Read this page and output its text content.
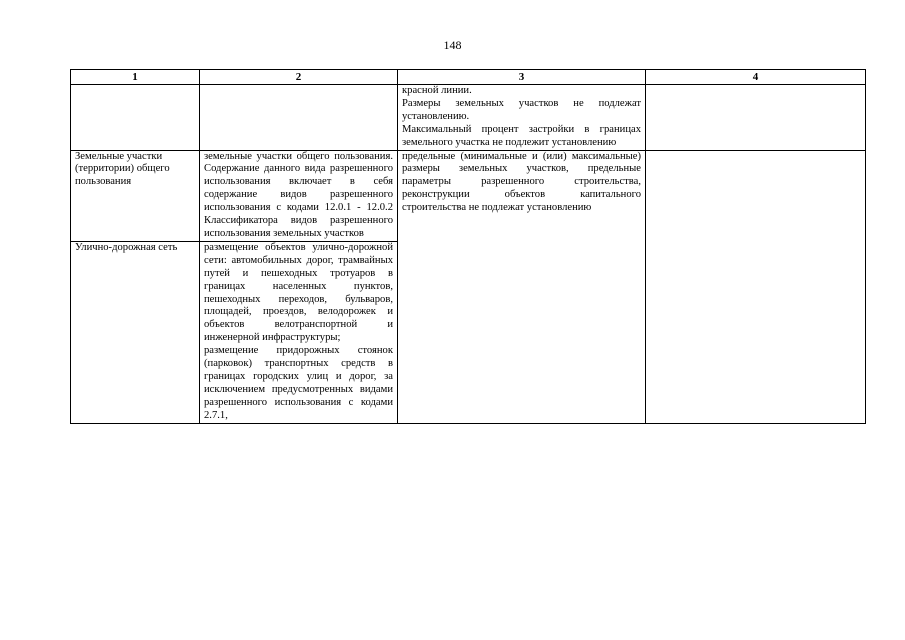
148
1	2	3	4

		красной линии.
Размеры земельных участков не подлежат установлению.
Максимальный процент застройки в границах земельного участка не подлежит установлению	

Земельные участки (территории) общего пользования	земельные участки общего пользования. Содержание данного вида разрешенного использования включает в себя содержание видов разрешенного использования с кодами 12.0.1 - 12.0.2 Классификатора видов разрешенного использования земельных участков	предельные (минимальные и (или) максимальные) размеры земельных участков, предельные параметры разрешенного строительства, реконструкции объектов капитального строительства не подлежат установлению	
Улично-дорожная сеть	размещение объектов улично-дорожной сети: автомобильных дорог, трамвайных путей и пешеходных тротуаров в границах населенных пунктов, пешеходных переходов, бульваров, площадей, проездов, велодорожек и объектов велотранспортной и инженерной инфраструктуры;
размещение придорожных стоянок (парковок) транспортных средств в границах городских улиц и дорог, за исключением предусмотренных видами разрешенного использования с кодами 2.7.1,		
